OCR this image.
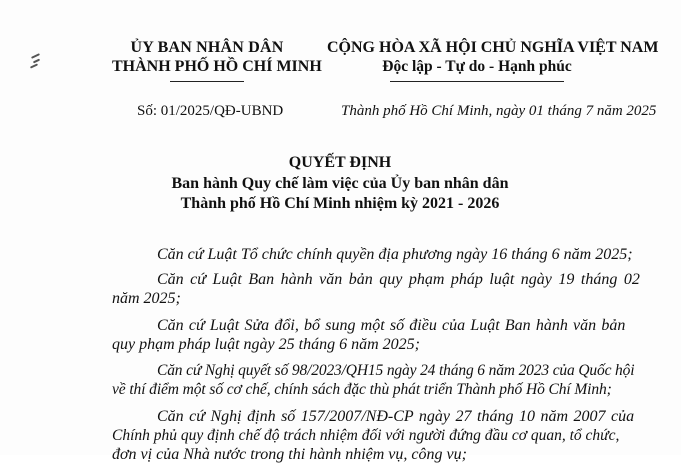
ỦY BAN NHÂN DÂN
THÀNH PHỐ HỒ CHÍ MINH
CỘNG HÒA XÃ HỘI CHỦ NGHĨA VIỆT NAM
Độc lập - Tự do - Hạnh phúc
Số: 01/2025/QĐ-UBND	Thành phố Hồ Chí Minh, ngày 01 tháng 7 năm 2025
QUYẾT ĐỊNH
Ban hành Quy chế làm việc của Ủy ban nhân dân
Thành phố Hồ Chí Minh nhiệm kỳ 2021 - 2026
Căn cứ Luật Tổ chức chính quyền địa phương ngày 16 tháng 6 năm 2025;
Căn cứ Luật Ban hành văn bản quy phạm pháp luật ngày 19 tháng 02
năm 2025;
Căn cứ Luật Sửa đổi, bổ sung một số điều của Luật Ban hành văn bản
quy phạm pháp luật ngày 25 tháng 6 năm 2025;
Căn cứ Nghị quyết số 98/2023/QH15 ngày 24 tháng 6 năm 2023 của Quốc hội
về thí điểm một số cơ chế, chính sách đặc thù phát triển Thành phố Hồ Chí Minh;
Căn cứ Nghị định số 157/2007/NĐ-CP ngày 27 tháng 10 năm 2007 của
Chính phủ quy định chế độ trách nhiệm đối với người đứng đầu cơ quan, tổ chức,
đơn vị của Nhà nước trong thi hành nhiệm vụ, công vụ;
